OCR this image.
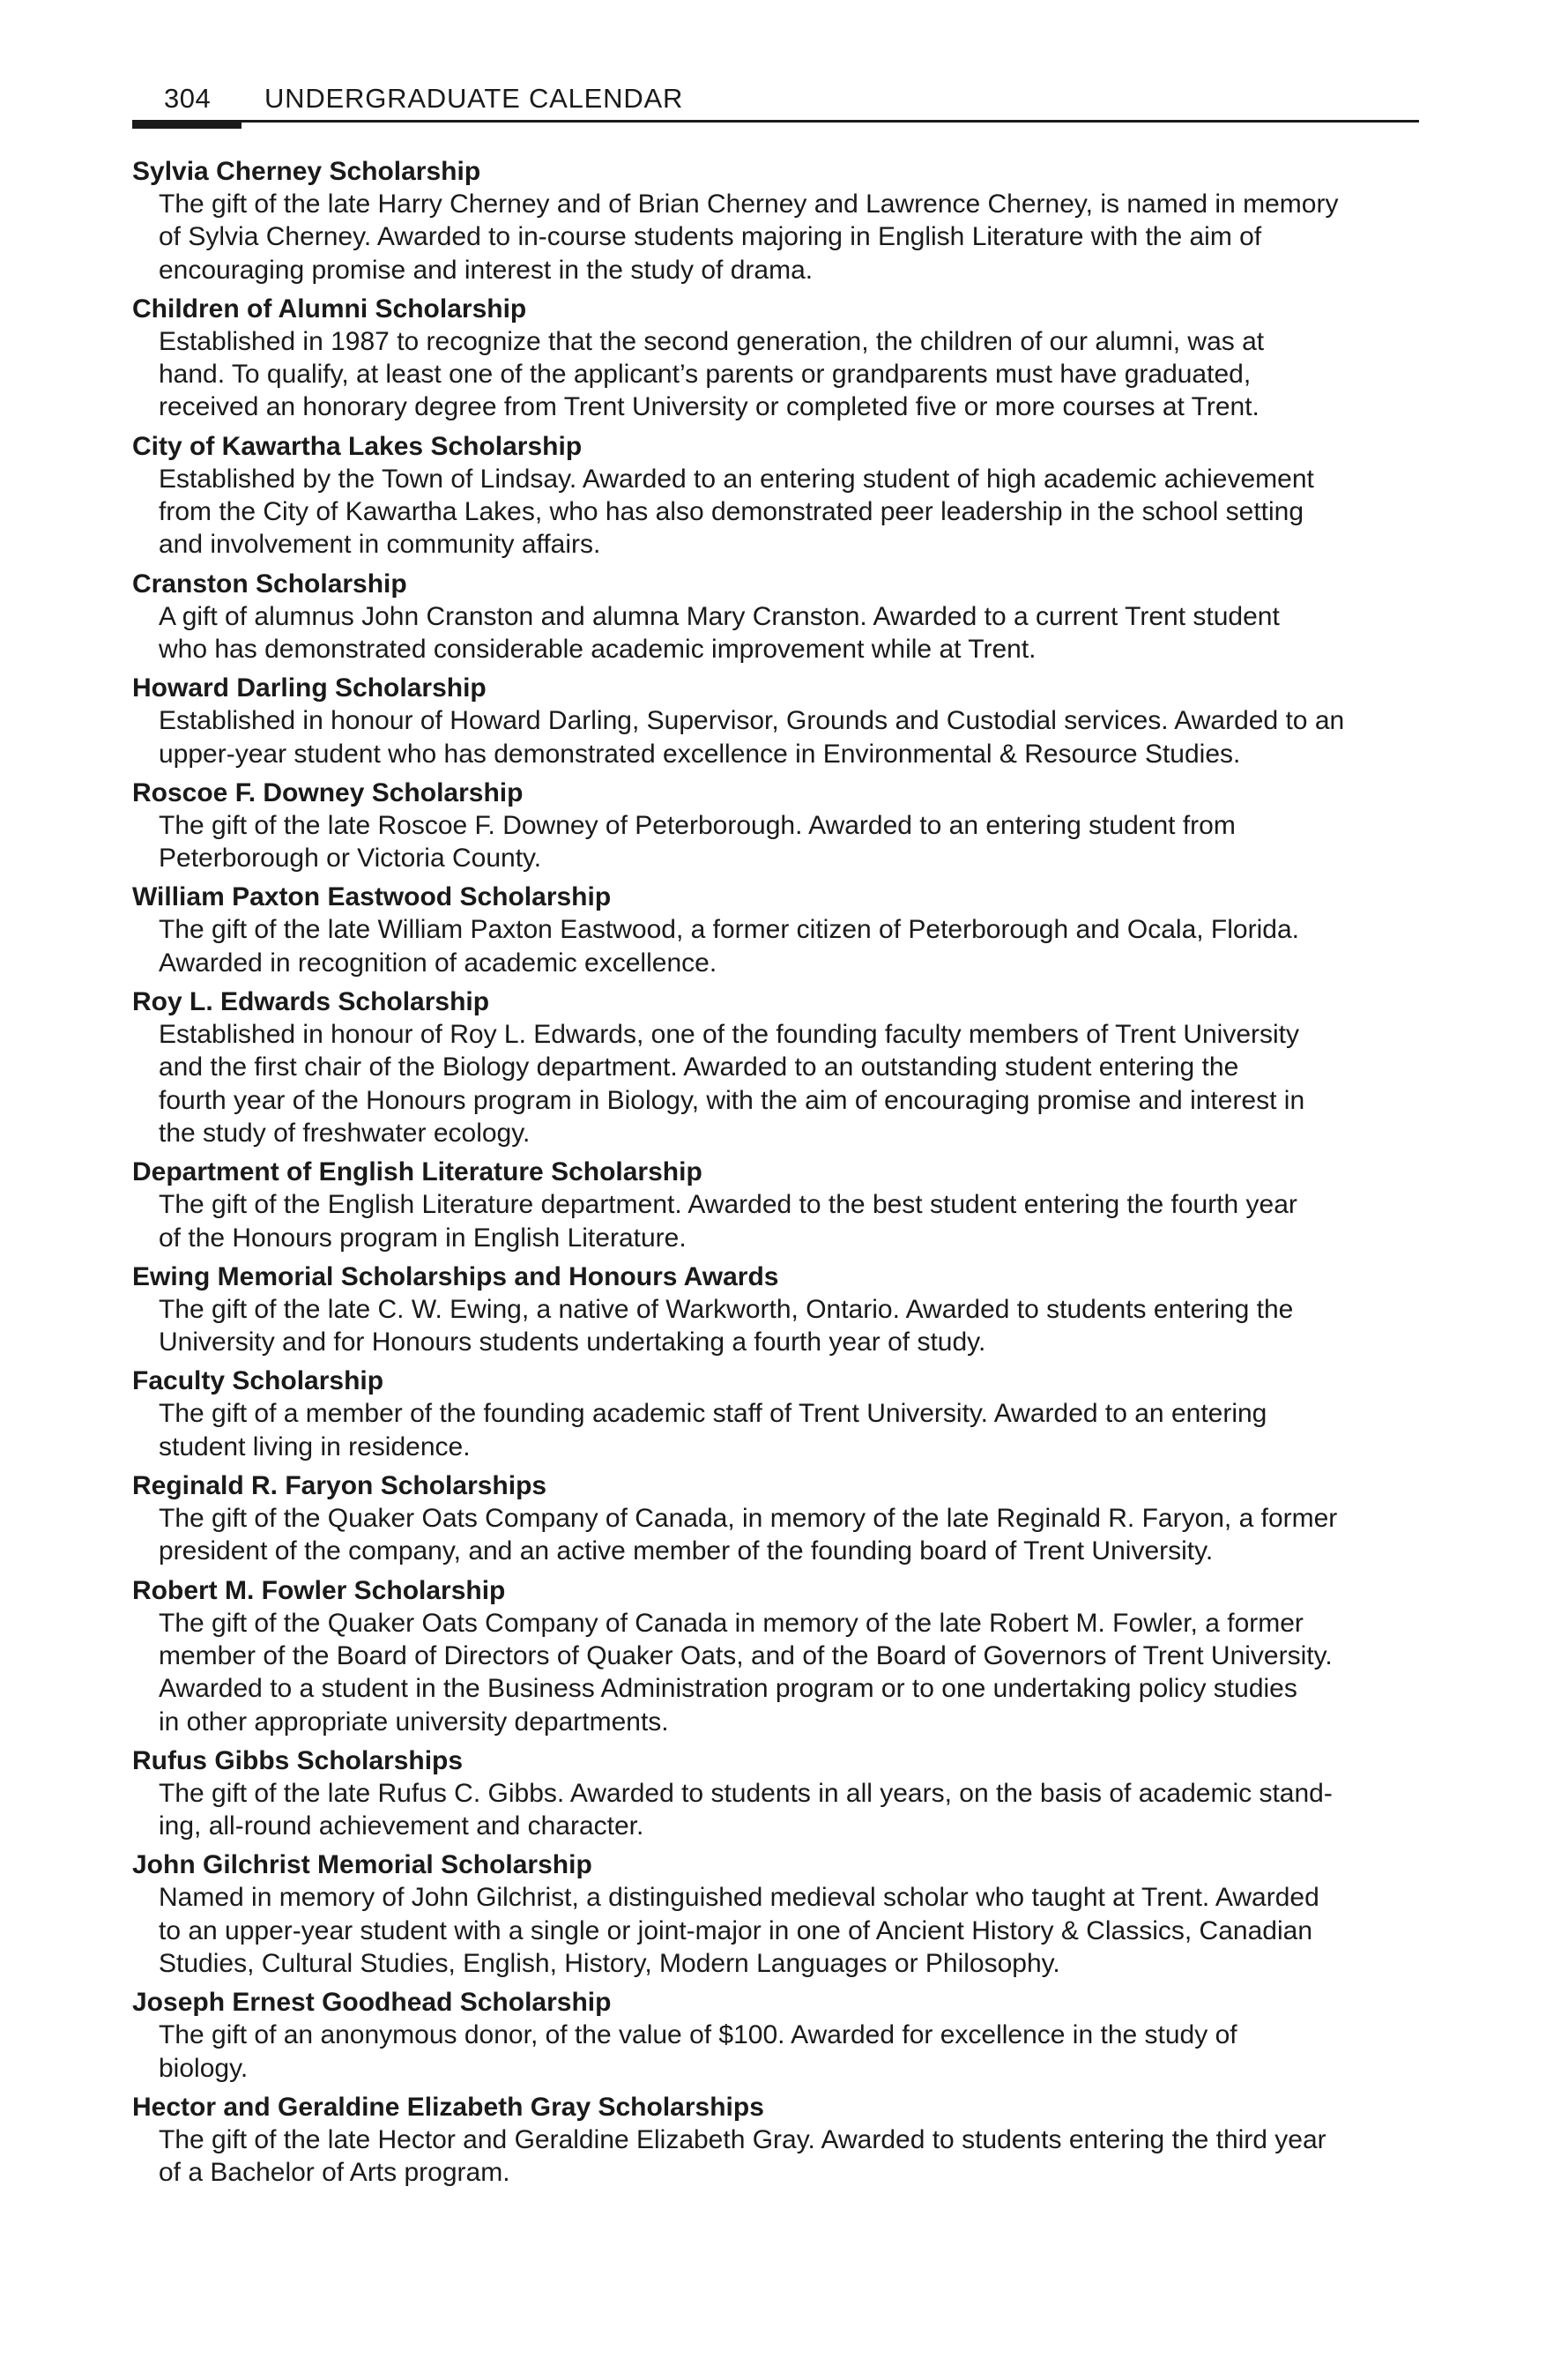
304 UNDERGRADUATE CALENDAR
Sylvia Cherney Scholarship
The gift of the late Harry Cherney and of Brian Cherney and Lawrence Cherney, is named in memory
of Sylvia Cherney. Awarded to in-course students majoring in English Literature with the aim of
encouraging promise and interest in the study of drama.
Children of Alumni Scholarship
Established in 1987 to recognize that the second generation, the children of our alumni, was at
hand. To qualify, at least one of the applicant’s parents or grandparents must have graduated,
received an honorary degree from Trent University or completed five or more courses at Trent.
City of Kawartha Lakes Scholarship
Established by the Town of Lindsay. Awarded to an entering student of high academic achievement
from the City of Kawartha Lakes, who has also demonstrated peer leadership in the school setting
and involvement in community affairs.
Cranston Scholarship
A gift of alumnus John Cranston and alumna Mary Cranston. Awarded to a current Trent student
who has demonstrated considerable academic improvement while at Trent.
Howard Darling Scholarship
Established in honour of Howard Darling, Supervisor, Grounds and Custodial services. Awarded to an
upper-year student who has demonstrated excellence in Environmental & Resource Studies.
Roscoe F. Downey Scholarship
The gift of the late Roscoe F. Downey of Peterborough. Awarded to an entering student from
Peterborough or Victoria County.
William Paxton Eastwood Scholarship
The gift of the late William Paxton Eastwood, a former citizen of Peterborough and Ocala, Florida.
Awarded in recognition of academic excellence.
Roy L. Edwards Scholarship
Established in honour of Roy L. Edwards, one of the founding faculty members of Trent University
and the first chair of the Biology department. Awarded to an outstanding student entering the
fourth year of the Honours program in Biology, with the aim of encouraging promise and interest in
the study of freshwater ecology.
Department of English Literature Scholarship
The gift of the English Literature department. Awarded to the best student entering the fourth year
of the Honours program in English Literature.
Ewing Memorial Scholarships and Honours Awards
The gift of the late C. W. Ewing, a native of Warkworth, Ontario. Awarded to students entering the
University and for Honours students undertaking a fourth year of study.
Faculty Scholarship
The gift of a member of the founding academic staff of Trent University. Awarded to an entering
student living in residence.
Reginald R. Faryon Scholarships
The gift of the Quaker Oats Company of Canada, in memory of the late Reginald R. Faryon, a former
president of the company, and an active member of the founding board of Trent University.
Robert M. Fowler Scholarship
The gift of the Quaker Oats Company of Canada in memory of the late Robert M. Fowler, a former
member of the Board of Directors of Quaker Oats, and of the Board of Governors of Trent University.
Awarded to a student in the Business Administration program or to one undertaking policy studies
in other appropriate university departments.
Rufus Gibbs Scholarships
The gift of the late Rufus C. Gibbs. Awarded to students in all years, on the basis of academic stand-
ing, all-round achievement and character.
John Gilchrist Memorial Scholarship
Named in memory of John Gilchrist, a distinguished medieval scholar who taught at Trent. Awarded
to an upper-year student with a single or joint-major in one of Ancient History & Classics, Canadian
Studies, Cultural Studies, English, History, Modern Languages or Philosophy.
Joseph Ernest Goodhead Scholarship
The gift of an anonymous donor, of the value of $100. Awarded for excellence in the study of
biology.
Hector and Geraldine Elizabeth Gray Scholarships
The gift of the late Hector and Geraldine Elizabeth Gray. Awarded to students entering the third year
of a Bachelor of Arts program.
